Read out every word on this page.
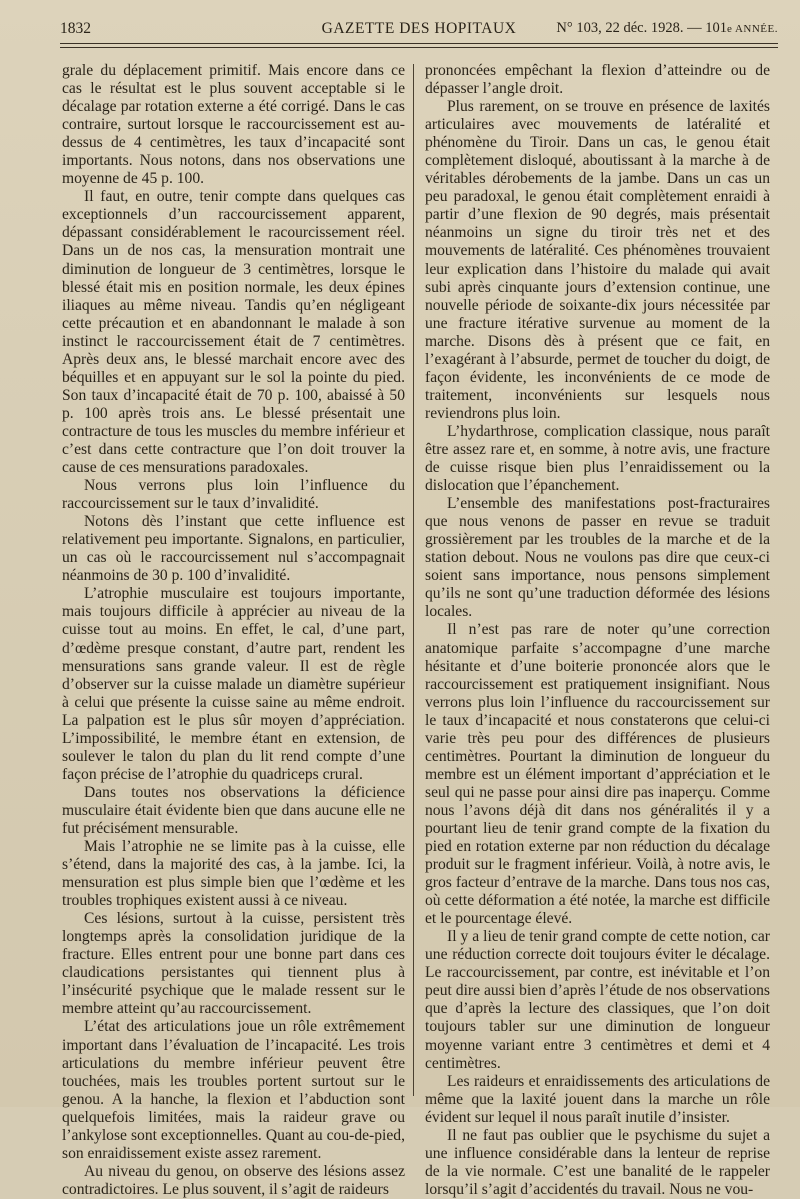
GAZETTE DES HOPITAUX
1832	N° 103, 22 déc. 1928. — 101e ANNÉE.

grale du déplacement primitif. Mais encore dans ce cas le résultat est le plus souvent acceptable si le décalage par rotation externe a été corrigé. Dans le cas contraire, surtout lorsque le raccourcissement est au-dessus de 4 centimètres, les taux d’incapacité sont importants. Nous notons, dans nos observations une moyenne de 45 p. 100.

Il faut, en outre, tenir compte dans quelques cas exceptionnels d’un raccourcissement apparent, dépassant considérablement le racourcissement réel. Dans un de nos cas, la mensuration montrait une diminution de longueur de 3 centimètres, lorsque le blessé était mis en position normale, les deux épines iliaques au même niveau. Tandis qu’en négligeant cette précaution et en abandonnant le malade à son instinct le raccourcissement était de 7 centimètres. Après deux ans, le blessé marchait encore avec des béquilles et en appuyant sur le sol la pointe du pied. Son taux d’incapacité était de 70 p. 100, abaissé à 50 p. 100 après trois ans. Le blessé présentait une contracture de tous les muscles du membre inférieur et c’est dans cette contracture que l’on doit trouver la cause de ces mensurations paradoxales.

Nous verrons plus loin l’influence du raccourcissement sur le taux d’invalidité.

Notons dès l’instant que cette influence est relativement peu importante. Signalons, en particulier, un cas où le raccourcissement nul s’accompagnait néanmoins de 30 p. 100 d’invalidité.

L’atrophie musculaire est toujours importante, mais toujours difficile à apprécier au niveau de la cuisse tout au moins. En effet, le cal, d’une part, d’œdème presque constant, d’autre part, rendent les mensurations sans grande valeur. Il est de règle d’observer sur la cuisse malade un diamètre supérieur à celui que présente la cuisse saine au même endroit. La palpation est le plus sûr moyen d’appréciation. L’impossibilité, le membre étant en extension, de soulever le talon du plan du lit rend compte d’une façon précise de l’atrophie du quadriceps crural.

Dans toutes nos observations la déficience musculaire était évidente bien que dans aucune elle ne fut précisément mensurable.

Mais l’atrophie ne se limite pas à la cuisse, elle s’étend, dans la majorité des cas, à la jambe. Ici, la mensuration est plus simple bien que l’œdème et les troubles trophiques existent aussi à ce niveau.

Ces lésions, surtout à la cuisse, persistent très longtemps après la consolidation juridique de la fracture. Elles entrent pour une bonne part dans ces claudications persistantes qui tiennent plus à l’insécurité psychique que le malade ressent sur le membre atteint qu’au raccourcissement.

L’état des articulations joue un rôle extrêmement important dans l’évaluation de l’incapacité. Les trois articulations du membre inférieur peuvent être touchées, mais les troubles portent surtout sur le genou. A la hanche, la flexion et l’abduction sont quelquefois limitées, mais la raideur grave ou l’ankylose sont exceptionnelles. Quant au cou-de-pied, son enraidissement existe assez rarement.

Au niveau du genou, on observe des lésions assez contradictoires. Le plus souvent, il s’agit de raideurs

prononcées empêchant la flexion d’atteindre ou de dépasser l’angle droit.

Plus rarement, on se trouve en présence de laxités articulaires avec mouvements de latéralité et phénomène du Tiroir. Dans un cas, le genou était complètement disloqué, aboutissant à la marche à de véritables dérobements de la jambe. Dans un cas un peu paradoxal, le genou était complètement enraidi à partir d’une flexion de 90 degrés, mais présentait néanmoins un signe du tiroir très net et des mouvements de latéralité. Ces phénomènes trouvaient leur explication dans l’histoire du malade qui avait subi après cinquante jours d’extension continue, une nouvelle période de soixante-dix jours nécessitée par une fracture itérative survenue au moment de la marche. Disons dès à présent que ce fait, en l’exagérant à l’absurde, permet de toucher du doigt, de façon évidente, les inconvénients de ce mode de traitement, inconvénients sur lesquels nous reviendrons plus loin.

L’hydarthrose, complication classique, nous paraît être assez rare et, en somme, à notre avis, une fracture de cuisse risque bien plus l’enraidissement ou la dislocation que l’épanchement.

L’ensemble des manifestations post-fracturaires que nous venons de passer en revue se traduit grossièrement par les troubles de la marche et de la station debout. Nous ne voulons pas dire que ceux-ci soient sans importance, nous pensons simplement qu’ils ne sont qu’une traduction déformée des lésions locales.

Il n’est pas rare de noter qu’une correction anatomique parfaite s’accompagne d’une marche hésitante et d’une boiterie prononcée alors que le raccourcissement est pratiquement insignifiant. Nous verrons plus loin l’influence du raccourcissement sur le taux d’incapacité et nous constaterons que celui-ci varie très peu pour des différences de plusieurs centimètres. Pourtant la diminution de longueur du membre est un élément important d’appréciation et le seul qui ne passe pour ainsi dire pas inaperçu. Comme nous l’avons déjà dit dans nos généralités il y a pourtant lieu de tenir grand compte de la fixation du pied en rotation externe par non réduction du décalage produit sur le fragment inférieur. Voilà, à notre avis, le gros facteur d’entrave de la marche. Dans tous nos cas, où cette déformation a été notée, la marche est difficile et le pourcentage élevé.

Il y a lieu de tenir grand compte de cette notion, car une réduction correcte doit toujours éviter le décalage. Le raccourcissement, par contre, est inévitable et l’on peut dire aussi bien d’après l’étude de nos observations que d’après la lecture des classiques, que l’on doit toujours tabler sur une diminution de longueur moyenne variant entre 3 centimètres et demi et 4 centimètres.

Les raideurs et enraidissements des articulations de même que la laxité jouent dans la marche un rôle évident sur lequel il nous paraît inutile d’insister.

Il ne faut pas oublier que le psychisme du sujet a une influence considérable dans la lenteur de reprise de la vie normale. C’est une banalité de le rappeler lorsqu’il s’agit d’accidentés du travail. Nous ne vou-
